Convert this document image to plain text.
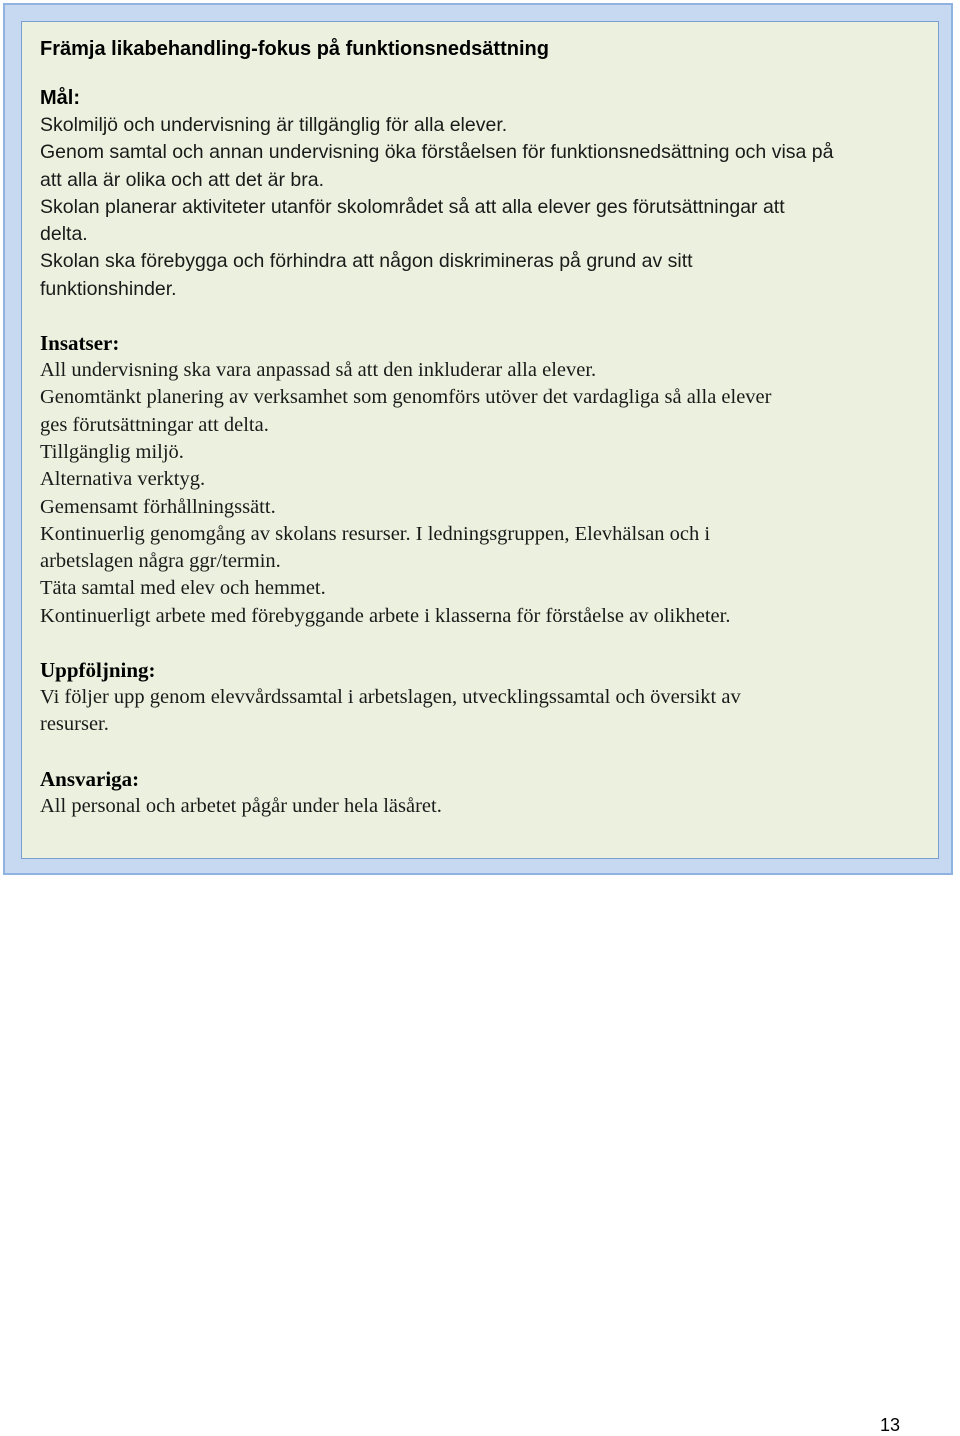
Främja likabehandling-fokus på funktionsnedsättning
Mål:
Skolmiljö och undervisning är tillgänglig för alla elever.
Genom samtal och annan undervisning öka förståelsen för funktionsnedsättning och visa på
att alla är olika och att det är bra.
Skolan planerar aktiviteter utanför skolområdet så att alla elever ges förutsättningar att
delta.
Skolan ska förebygga och förhindra att någon diskrimineras på grund av sitt
funktionshinder.
Insatser:
All undervisning ska vara anpassad så att den inkluderar alla elever.
Genomtänkt planering av verksamhet som genomförs utöver det vardagliga så alla elever
ges förutsättningar att delta.
Tillgänglig miljö.
Alternativa verktyg.
Gemensamt förhållningssätt.
Kontinuerlig genomgång av skolans resurser. I ledningsgruppen, Elevhälsan och i
arbetslagen några ggr/termin.
Täta samtal med elev och hemmet.
Kontinuerligt arbete med förebyggande arbete i klasserna för förståelse av olikheter.
Uppföljning:
Vi följer upp genom elevvårdssamtal i arbetslagen, utvecklingssamtal och översikt av
resurser.
Ansvariga:
All personal och arbetet pågår under hela läsåret.
13
